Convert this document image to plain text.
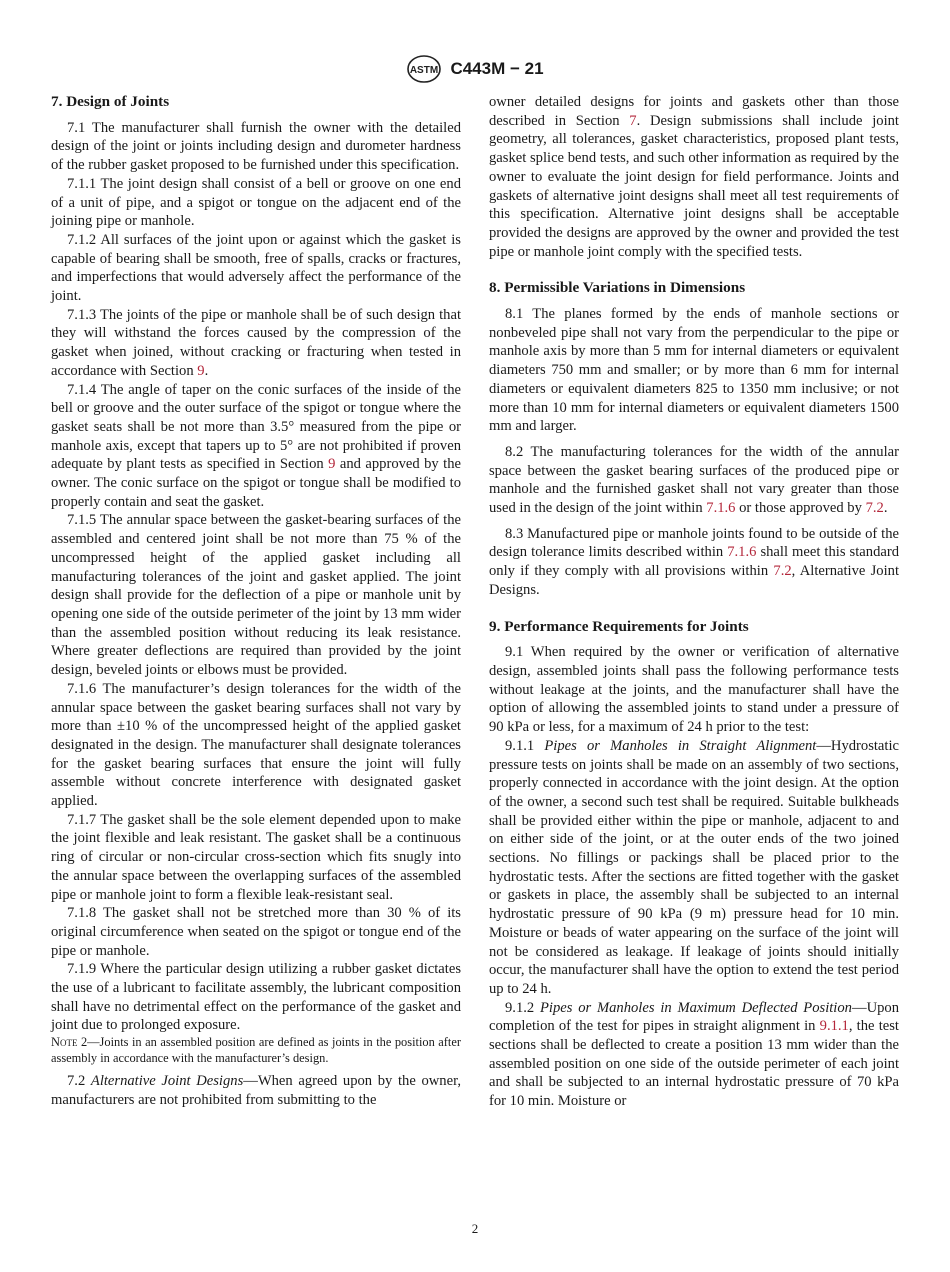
ASTM C443M − 21
7. Design of Joints

7.1 The manufacturer shall furnish the owner with the detailed design of the joint or joints including design and durometer hardness of the rubber gasket proposed to be furnished under this specification.

7.1.1 The joint design shall consist of a bell or groove on one end of a unit of pipe, and a spigot or tongue on the adjacent end of the joining pipe or manhole.

7.1.2 All surfaces of the joint upon or against which the gasket is capable of bearing shall be smooth, free of spalls, cracks or fractures, and imperfections that would adversely affect the performance of the joint.

7.1.3 The joints of the pipe or manhole shall be of such design that they will withstand the forces caused by the compression of the gasket when joined, without cracking or fracturing when tested in accordance with Section 9.

7.1.4 The angle of taper on the conic surfaces of the inside of the bell or groove and the outer surface of the spigot or tongue where the gasket seats shall be not more than 3.5° measured from the pipe or manhole axis, except that tapers up to 5° are not prohibited if proven adequate by plant tests as specified in Section 9 and approved by the owner. The conic surface on the spigot or tongue shall be modified to properly contain and seat the gasket.

7.1.5 The annular space between the gasket-bearing surfaces of the assembled and centered joint shall be not more than 75 % of the uncompressed height of the applied gasket including all manufacturing tolerances of the joint and gasket applied. The joint design shall provide for the deflection of a pipe or manhole unit by opening one side of the outside perimeter of the joint by 13 mm wider than the assembled position without reducing its leak resistance. Where greater deflections are required than provided by the joint design, beveled joints or elbows must be provided.

7.1.6 The manufacturer’s design tolerances for the width of the annular space between the gasket bearing surfaces shall not vary by more than ±10 % of the uncompressed height of the applied gasket designated in the design. The manufacturer shall designate tolerances for the gasket bearing surfaces that ensure the joint will fully assemble without concrete interference with designated gasket applied.

7.1.7 The gasket shall be the sole element depended upon to make the joint flexible and leak resistant. The gasket shall be a continuous ring of circular or non-circular cross-section which fits snugly into the annular space between the overlapping surfaces of the assembled pipe or manhole joint to form a flexible leak-resistant seal.

7.1.8 The gasket shall not be stretched more than 30 % of its original circumference when seated on the spigot or tongue end of the pipe or manhole.

7.1.9 Where the particular design utilizing a rubber gasket dictates the use of a lubricant to facilitate assembly, the lubricant composition shall have no detrimental effect on the performance of the gasket and joint due to prolonged exposure.

Note 2—Joints in an assembled position are defined as joints in the position after assembly in accordance with the manufacturer’s design.

7.2 Alternative Joint Designs—When agreed upon by the owner, manufacturers are not prohibited from submitting to the

owner detailed designs for joints and gaskets other than those described in Section 7. Design submissions shall include joint geometry, all tolerances, gasket characteristics, proposed plant tests, gasket splice bend tests, and such other information as required by the owner to evaluate the joint design for field performance. Joints and gaskets of alternative joint designs shall meet all test requirements of this specification. Alternative joint designs shall be acceptable provided the designs are approved by the owner and provided the test pipe or manhole joint comply with the specified tests.

8. Permissible Variations in Dimensions

8.1 The planes formed by the ends of manhole sections or nonbeveled pipe shall not vary from the perpendicular to the pipe or manhole axis by more than 5 mm for internal diameters or equivalent diameters 750 mm and smaller; or by more than 6 mm for internal diameters or equivalent diameters 825 to 1350 mm inclusive; or not more than 10 mm for internal diameters or equivalent diameters 1500 mm and larger.

8.2 The manufacturing tolerances for the width of the annular space between the gasket bearing surfaces of the produced pipe or manhole and the furnished gasket shall not vary greater than those used in the design of the joint within 7.1.6 or those approved by 7.2.

8.3 Manufactured pipe or manhole joints found to be outside of the design tolerance limits described within 7.1.6 shall meet this standard only if they comply with all provisions within 7.2, Alternative Joint Designs.

9. Performance Requirements for Joints

9.1 When required by the owner or verification of alternative design, assembled joints shall pass the following performance tests without leakage at the joints, and the manufacturer shall have the option of allowing the assembled joints to stand under a pressure of 90 kPa or less, for a maximum of 24 h prior to the test:

9.1.1 Pipes or Manholes in Straight Alignment—Hydrostatic pressure tests on joints shall be made on an assembly of two sections, properly connected in accordance with the joint design. At the option of the owner, a second such test shall be required. Suitable bulkheads shall be provided either within the pipe or manhole, adjacent to and on either side of the joint, or at the outer ends of the two joined sections. No fillings or packings shall be placed prior to the hydrostatic tests. After the sections are fitted together with the gasket or gaskets in place, the assembly shall be subjected to an internal hydrostatic pressure of 90 kPa (9 m) pressure head for 10 min. Moisture or beads of water appearing on the surface of the joint will not be considered as leakage. If leakage of joints should initially occur, the manufacturer shall have the option to extend the test period up to 24 h.

9.1.2 Pipes or Manholes in Maximum Deflected Position—Upon completion of the test for pipes in straight alignment in 9.1.1, the test sections shall be deflected to create a position 13 mm wider than the assembled position on one side of the outside perimeter of each joint and shall be subjected to an internal hydrostatic pressure of 70 kPa for 10 min. Moisture or

2
